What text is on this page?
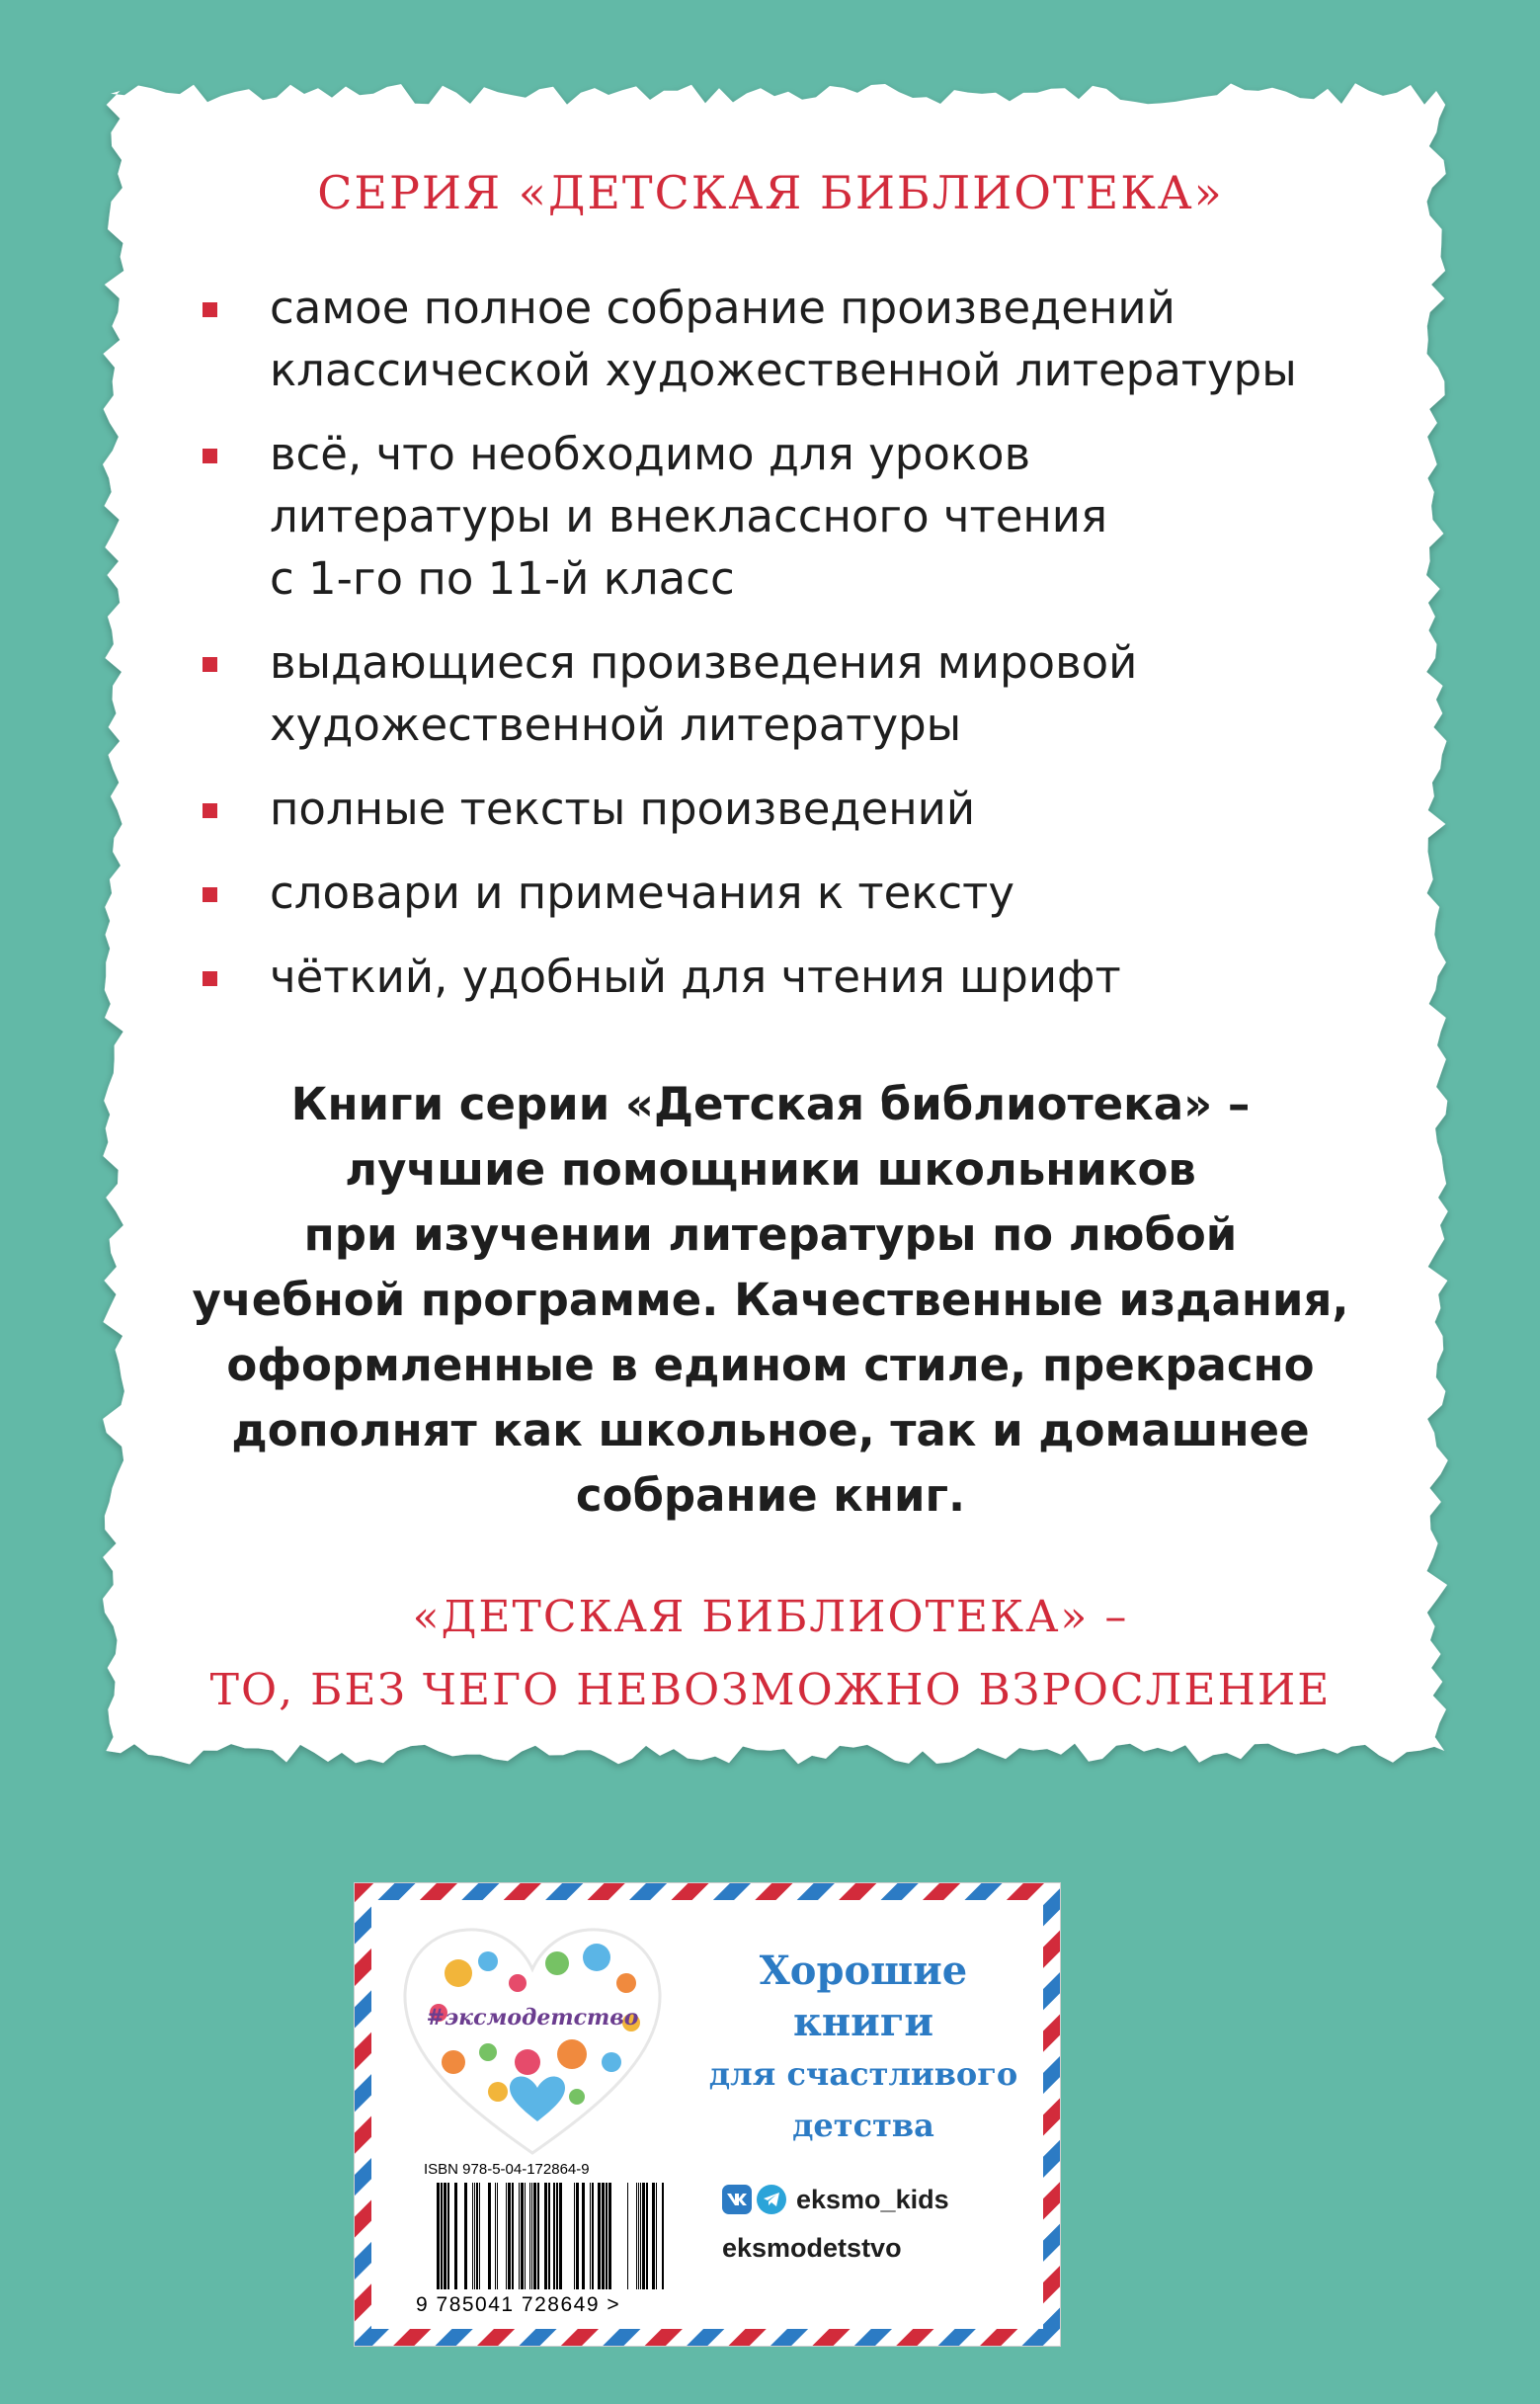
СЕРИЯ «ДЕТСКАЯ БИБЛИОТЕКА»
самое полное собрание произведений
классической художественной литературы
всё, что необходимо для уроков
литературы и внеклассного чтения
с 1-го по 11-й класс
выдающиеся произведения мировой
художественной литературы
полные тексты произведений
словари и примечания к тексту
чёткий, удобный для чтения шрифт
Книги серии «Детская библиотека» –
лучшие помощники школьников
при изучении литературы по любой
учебной программе. Качественные издания,
оформленные в едином стиле, прекрасно
дополнят как школьное, так и домашнее
собрание книг.
«ДЕТСКАЯ БИБЛИОТЕКА» –
ТО, БЕЗ ЧЕГО НЕВОЗМОЖНО ВЗРОСЛЕНИЕ
#эксмодетство
ISBN 978-5-04-172864-9
9 785041 728649 >
Хорошие
книги
для счастливого
детства
eksmo_kids
eksmodetstvo
